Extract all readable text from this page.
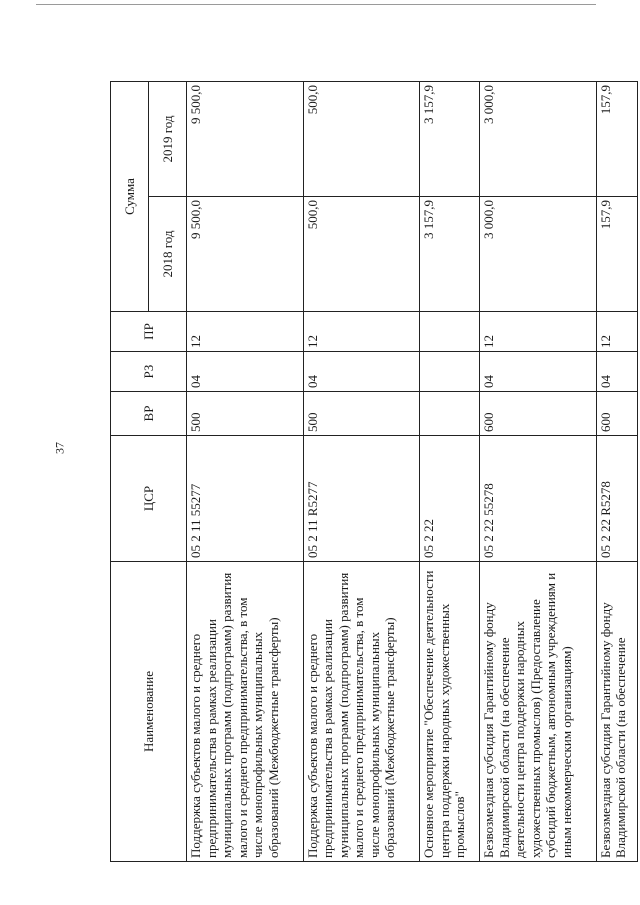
37
Наименование	ЦСР	ВР	РЗ	ПР	Сумма	
					2018 год	2019 год
Поддержка субъектов малого и среднего предпринимательства в рамках реализации муниципальных программ (подпрограмм) развития малого и среднего предпринимательства, в том числе монопрофильных муниципальных образований (Межбюджетные трансферты)	05 2 11 55277	500	04	12	9 500,0	9 500,0
Поддержка субъектов малого и среднего предпринимательства в рамках реализации муниципальных программ (подпрограмм) развития малого и среднего предпринимательства, в том числе монопрофильных муниципальных образований (Межбюджетные трансферты)	05 2 11 R5277	500	04	12	500,0	500,0
Основное мероприятие "Обеспечение деятельности центра поддержки народных художественных промыслов"	05 2 22				3 157,9	3 157,9
Безвозмездная субсидия Гарантийному фонду Владимирской области (на обеспечение деятельности центра поддержки народных художественных промыслов) (Предоставление субсидий бюджетным, автономным учреждениям и иным некоммерческим организациям)	05 2 22 55278	600	04	12	3 000,0	3 000,0
Безвозмездная субсидия Гарантийному фонду Владимирской области (на обеспечение	05 2 22 R5278	600	04	12	157,9	157,9
